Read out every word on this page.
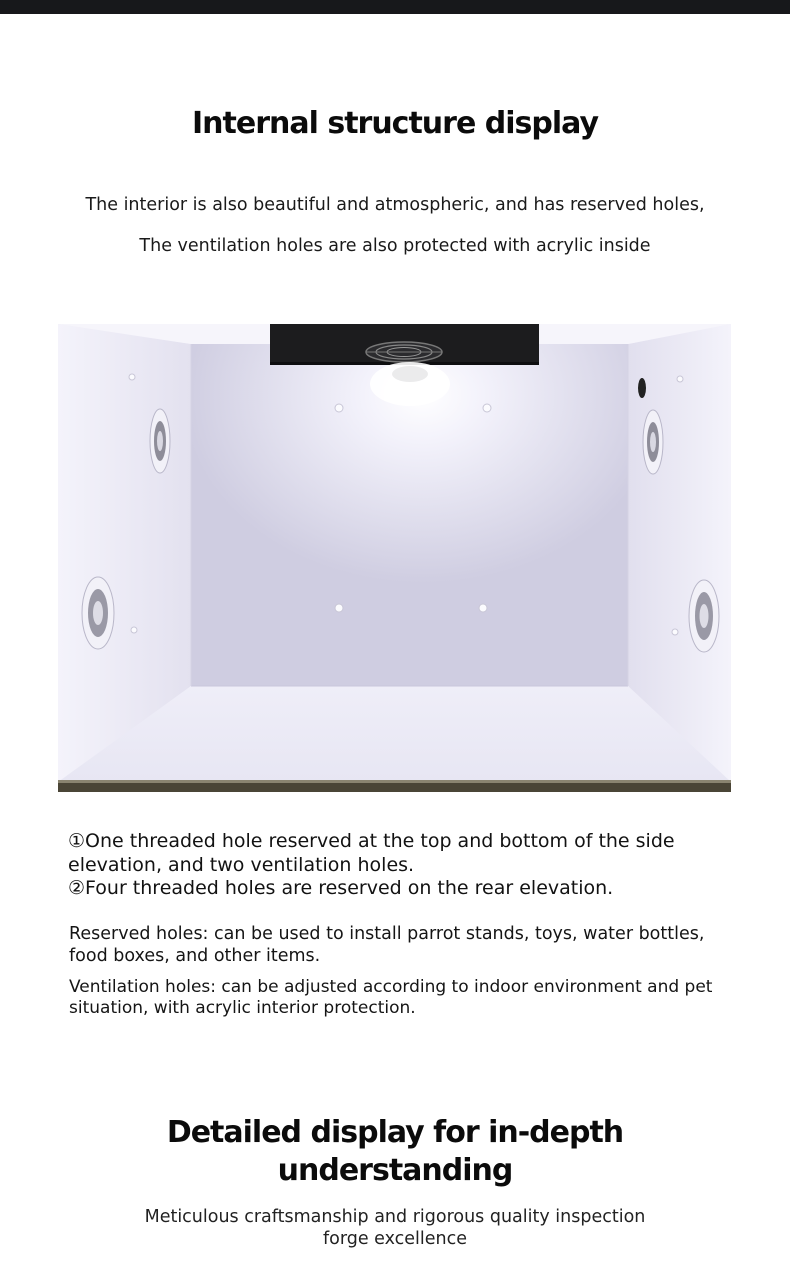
Internal structure display

The interior is also beautiful and atmospheric, and has reserved holes,

The ventilation holes are also protected with acrylic inside

①One threaded hole reserved at the top and bottom of the side
elevation, and two ventilation holes.
②Four threaded holes are reserved on the rear elevation.
Reserved holes: can be used to install parrot stands, toys, water bottles,
food boxes, and other items.
Ventilation holes: can be adjusted according to indoor environment and pet
situation, with acrylic interior protection.
Detailed display for in-depth
understanding
Meticulous craftsmanship and rigorous quality inspection
forge excellence
